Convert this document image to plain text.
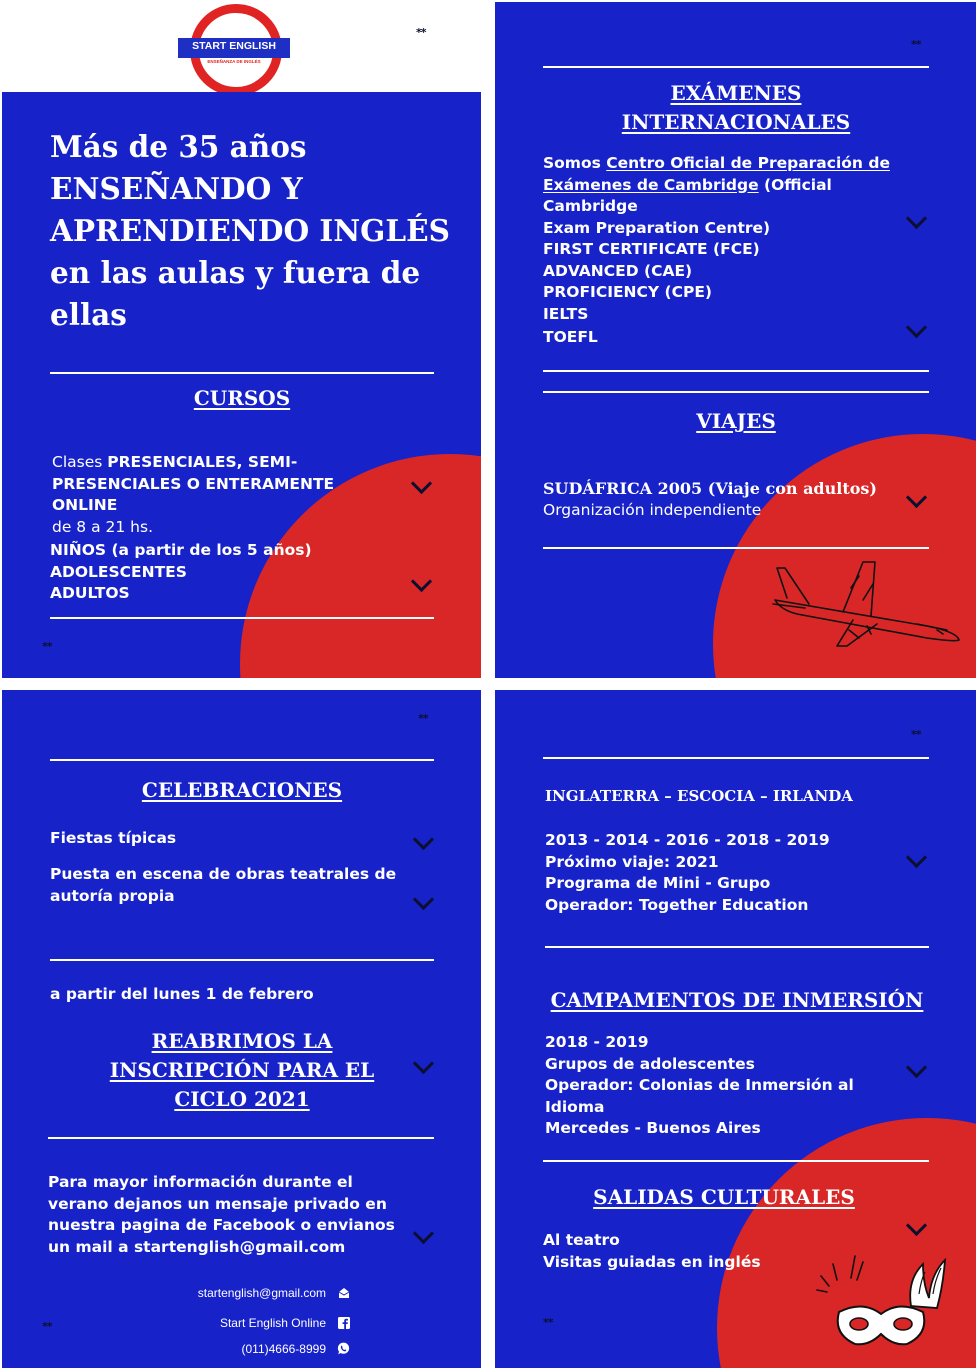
START ENGLISH
ENSEÑANZA DE INGLÉS
**
Más de 35 años
ENSEÑANDO Y
APRENDIENDO INGLÉS
en las aulas y fuera de
ellas
CURSOS
Clases PRESENCIALES, SEMI-
PRESENCIALES O ENTERAMENTE ONLINE
de 8 a 21 hs.
NIÑOS (a partir de los 5 años)
ADOLESCENTES
ADULTOS
**
**
EXÁMENES
INTERNACIONALES
Somos Centro Oficial de Preparación de
Exámenes de Cambridge (Official Cambridge
Exam Preparation Centre)
FIRST CERTIFICATE (FCE)
ADVANCED (CAE)
PROFICIENCY (CPE)
IELTS
TOEFL
VIAJES
SUDÁFRICA 2005 (Viaje con adultos)
Organización independiente
**
CELEBRACIONES
Fiestas típicas
Puesta en escena de obras teatrales de
autoría propia
a partir del lunes 1 de febrero
REABRIMOS LA
INSCRIPCIÓN PARA EL
CICLO 2021
Para mayor información durante el
verano dejanos un mensaje privado en
nuestra pagina de Facebook o envianos
un mail a startenglish@gmail.com
startenglish@gmail.com
Start English Online
(011)4666-8999
**
**
INGLATERRA – ESCOCIA – IRLANDA
2013 - 2014 - 2016 - 2018 - 2019
Próximo viaje: 2021
Programa de Mini - Grupo
Operador: Together Education
CAMPAMENTOS DE INMERSIÓN
2018 - 2019
Grupos de adolescentes
Operador: Colonias de Inmersión al Idioma
Mercedes - Buenos Aires
SALIDAS CULTURALES
Al teatro
Visitas guiadas en inglés
**
